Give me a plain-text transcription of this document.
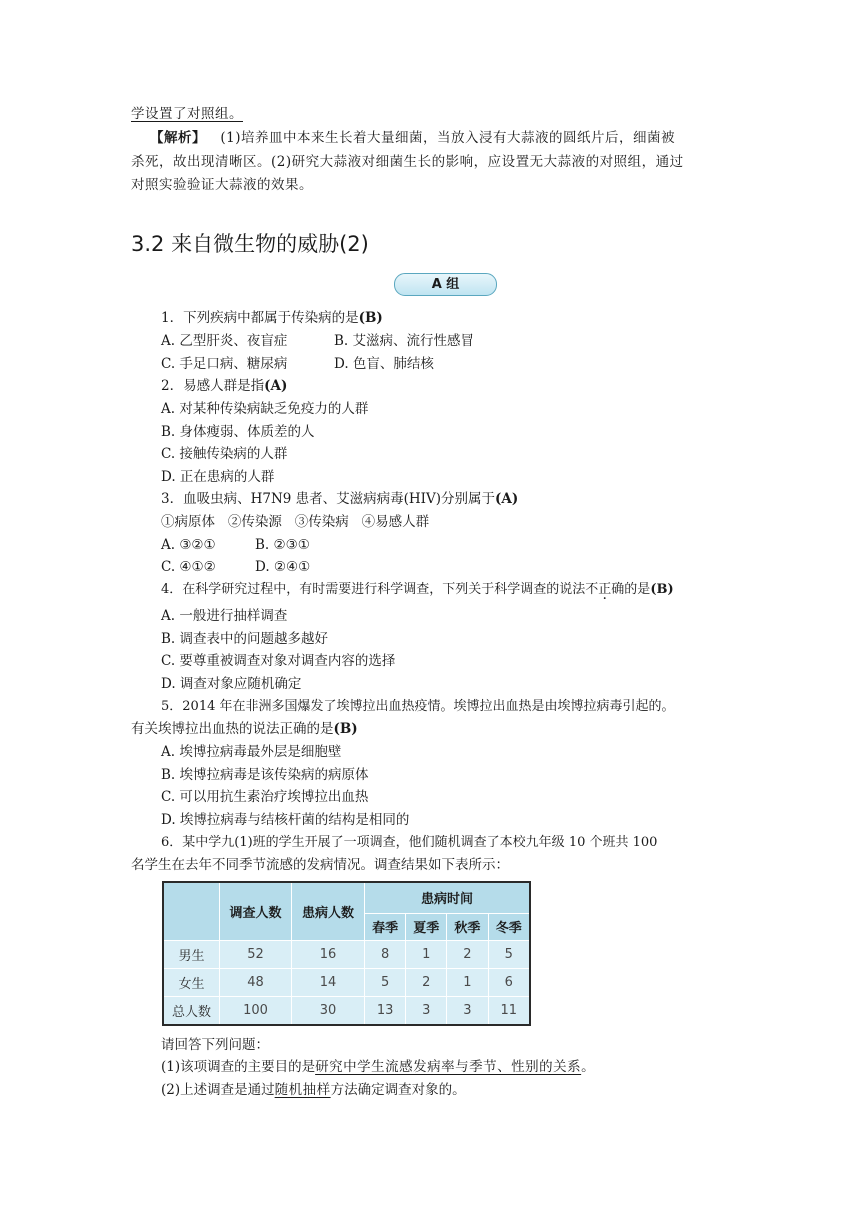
学设置了对照组。
【解析】 (1)培养皿中本来生长着大量细菌，当放入浸有大蒜液的圆纸片后，细菌被
杀死，故出现清晰区。(2)研究大蒜液对细菌生长的影响，应设置无大蒜液的对照组，通过
对照实验验证大蒜液的效果。
3.2 来自微生物的威胁(2)
A 组
1．下列疾病中都属于传染病的是(B)
A. 乙型肝炎、夜盲症	B. 艾滋病、流行性感冒
C. 手足口病、糖尿病	D. 色盲、肺结核
2．易感人群是指(A)
A. 对某种传染病缺乏免疫力的人群
B. 身体瘦弱、体质差的人
C. 接触传染病的人群
D. 正在患病的人群
3．血吸虫病、H7N9 患者、艾滋病病毒(HIV)分别属于(A)
①病原体   ②传染源   ③传染病   ④易感人群
A. ③②①	B. ②③①
C. ④①②	D. ②④①
4．在科学研究过程中，有时需要进行科学调查，下列关于科学调查的说法不正确的是(B)
A. 一般进行抽样调查
B. 调查表中的问题越多越好
C. 要尊重被调查对象对调查内容的选择
D. 调查对象应随机确定
5．2014 年在非洲多国爆发了埃博拉出血热疫情。埃博拉出血热是由埃博拉病毒引起的。
有关埃博拉出血热的说法正确的是(B)
A. 埃博拉病毒最外层是细胞壁
B. 埃博拉病毒是该传染病的病原体
C. 可以用抗生素治疗埃博拉出血热
D. 埃博拉病毒与结核杆菌的结构是相同的
6．某中学九(1)班的学生开展了一项调查，他们随机调查了本校九年级 10 个班共 100
名学生在去年不同季节流感的发病情况。调查结果如下表所示：
	调查人数	患病人数	患病时间			
			春季	夏季	秋季	冬季
男生	52	16	8	1	2	5
女生	48	14	5	2	1	6
总人数	100	30	13	3	3	11
请回答下列问题：
(1)该项调查的主要目的是研究中学生流感发病率与季节、性别的关系。
(2)上述调查是通过随机抽样方法确定调查对象的。
